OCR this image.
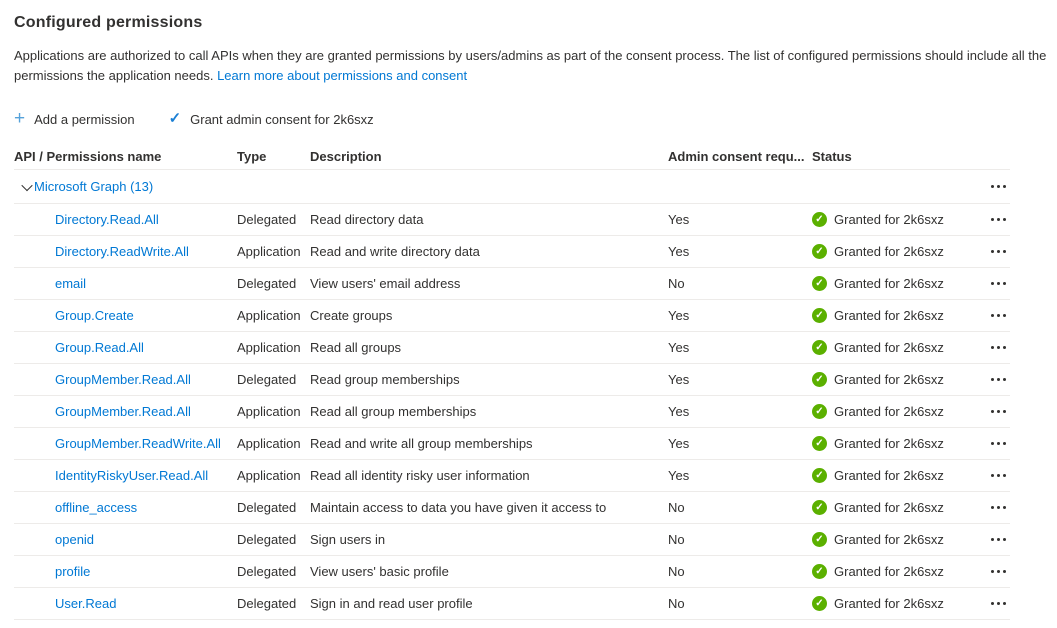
Configured permissions

Applications are authorized to call APIs when they are granted permissions by users/admins as part of the consent process. The list of configured permissions should include all the permissions the application needs. Learn more about permissions and consent

+ Add a permission ✓ Grant admin consent for 2k6sxz
API / Permissions name	Type	Description	Admin consent requ... Status
Microsoft Graph (13)
Directory.Read.All	Delegated	Read directory data	Yes	✓ Granted for 2k6sxz
Directory.ReadWrite.All	Application Read and write directory data	Yes	✓ Granted for 2k6sxz
email	Delegated	View users' email address	No	✓ Granted for 2k6sxz
Group.Create	Application Create groups	Yes	✓ Granted for 2k6sxz
Group.Read.All	Application Read all groups	Yes	✓ Granted for 2k6sxz
GroupMember.Read.All	Delegated	Read group memberships	Yes	✓ Granted for 2k6sxz
GroupMember.Read.All	Application Read all group memberships	Yes	✓ Granted for 2k6sxz
GroupMember.ReadWrite.All	Application Read and write all group memberships	Yes	✓ Granted for 2k6sxz
IdentityRiskyUser.Read.All	Application Read all identity risky user information	Yes	✓ Granted for 2k6sxz
offline_access	Delegated	Maintain access to data you have given it access to	No	✓ Granted for 2k6sxz
openid	Delegated	Sign users in	No	✓ Granted for 2k6sxz
profile	Delegated	View users' basic profile	No	✓ Granted for 2k6sxz
User.Read	Delegated	Sign in and read user profile	No	✓ Granted for 2k6sxz
